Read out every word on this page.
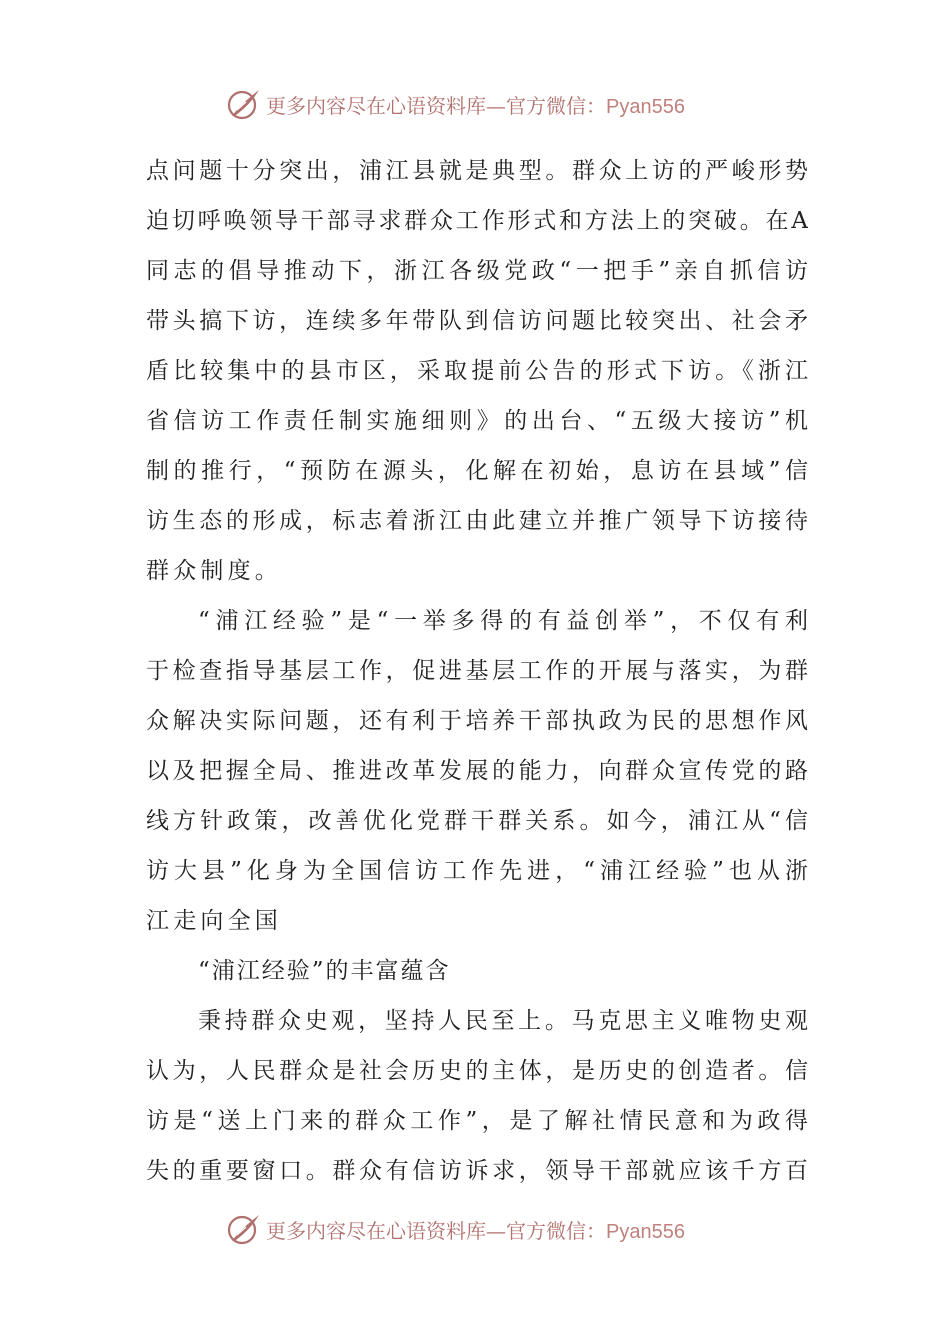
更多内容尽在心语资料库—官方微信：Pyan556
点问题十分突出，浦江县就是典型。群众上访的严峻形势
迫切呼唤领导干部寻求群众工作形式和方法上的突破。在A
同志的倡导推动下，浙江各级党政“一把手”亲自抓信访
带头搞下访，连续多年带队到信访问题比较突出、社会矛
盾比较集中的县市区，采取提前公告的形式下访。《浙江
省信访工作责任制实施细则》的出台、“五级大接访”机
制的推行，“预防在源头，化解在初始，息访在县域”信
访生态的形成，标志着浙江由此建立并推广领导下访接待
群众制度。
“浦江经验”是“一举多得的有益创举”，不仅有利
于检查指导基层工作，促进基层工作的开展与落实，为群
众解决实际问题，还有利于培养干部执政为民的思想作风
以及把握全局、推进改革发展的能力，向群众宣传党的路
线方针政策，改善优化党群干群关系。如今，浦江从“信
访大县”化身为全国信访工作先进，“浦江经验”也从浙
江走向全国
“浦江经验”的丰富蕴含
秉持群众史观，坚持人民至上。马克思主义唯物史观
认为，人民群众是社会历史的主体，是历史的创造者。信
访是“送上门来的群众工作”，是了解社情民意和为政得
失的重要窗口。群众有信访诉求，领导干部就应该千方百
更多内容尽在心语资料库—官方微信：Pyan556
